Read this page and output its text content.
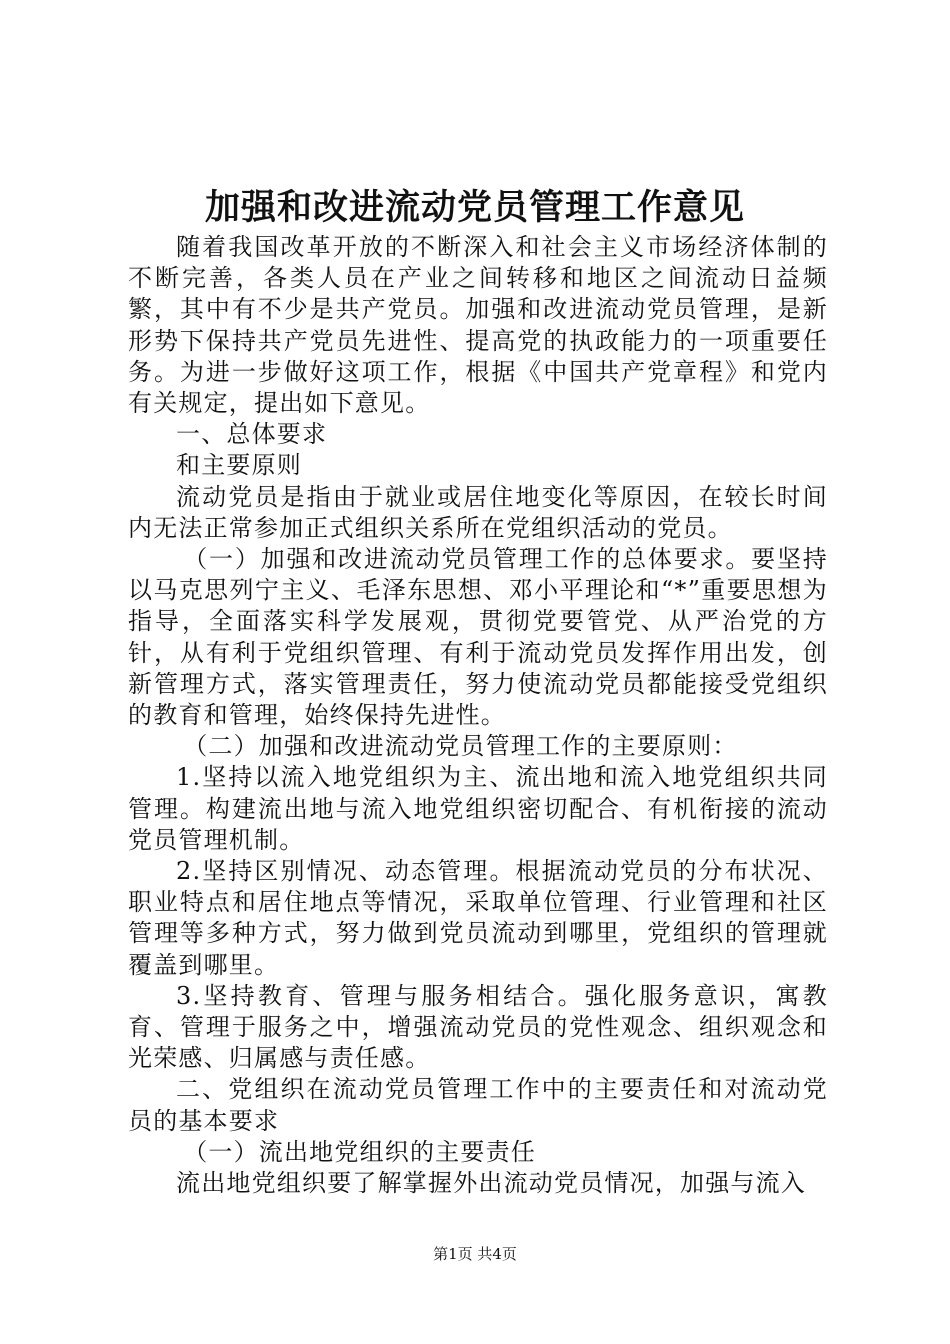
加强和改进流动党员管理工作意见

随着我国改革开放的不断深入和社会主义市场经济体制的不断完善，各类人员在产业之间转移和地区之间流动日益频繁，其中有不少是共产党员。加强和改进流动党员管理，是新形势下保持共产党员先进性、提高党的执政能力的一项重要任务。为进一步做好这项工作，根据《中国共产党章程》和党内有关规定，提出如下意见。

一、总体要求

和主要原则

流动党员是指由于就业或居住地变化等原因，在较长时间内无法正常参加正式组织关系所在党组织活动的党员。

（一）加强和改进流动党员管理工作的总体要求。要坚持以马克思列宁主义、毛泽东思想、邓小平理论和“*”重要思想为指导，全面落实科学发展观，贯彻党要管党、从严治党的方针，从有利于党组织管理、有利于流动党员发挥作用出发，创新管理方式，落实管理责任，努力使流动党员都能接受党组织的教育和管理，始终保持先进性。

（二）加强和改进流动党员管理工作的主要原则：

1.坚持以流入地党组织为主、流出地和流入地党组织共同管理。构建流出地与流入地党组织密切配合、有机衔接的流动党员管理机制。

2.坚持区别情况、动态管理。根据流动党员的分布状况、职业特点和居住地点等情况，采取单位管理、行业管理和社区管理等多种方式，努力做到党员流动到哪里，党组织的管理就覆盖到哪里。

3.坚持教育、管理与服务相结合。强化服务意识，寓教育、管理于服务之中，增强流动党员的党性观念、组织观念和光荣感、归属感与责任感。

二、党组织在流动党员管理工作中的主要责任和对流动党员的基本要求

（一）流出地党组织的主要责任

流出地党组织要了解掌握外出流动党员情况，加强与流入

第1页 共4页
